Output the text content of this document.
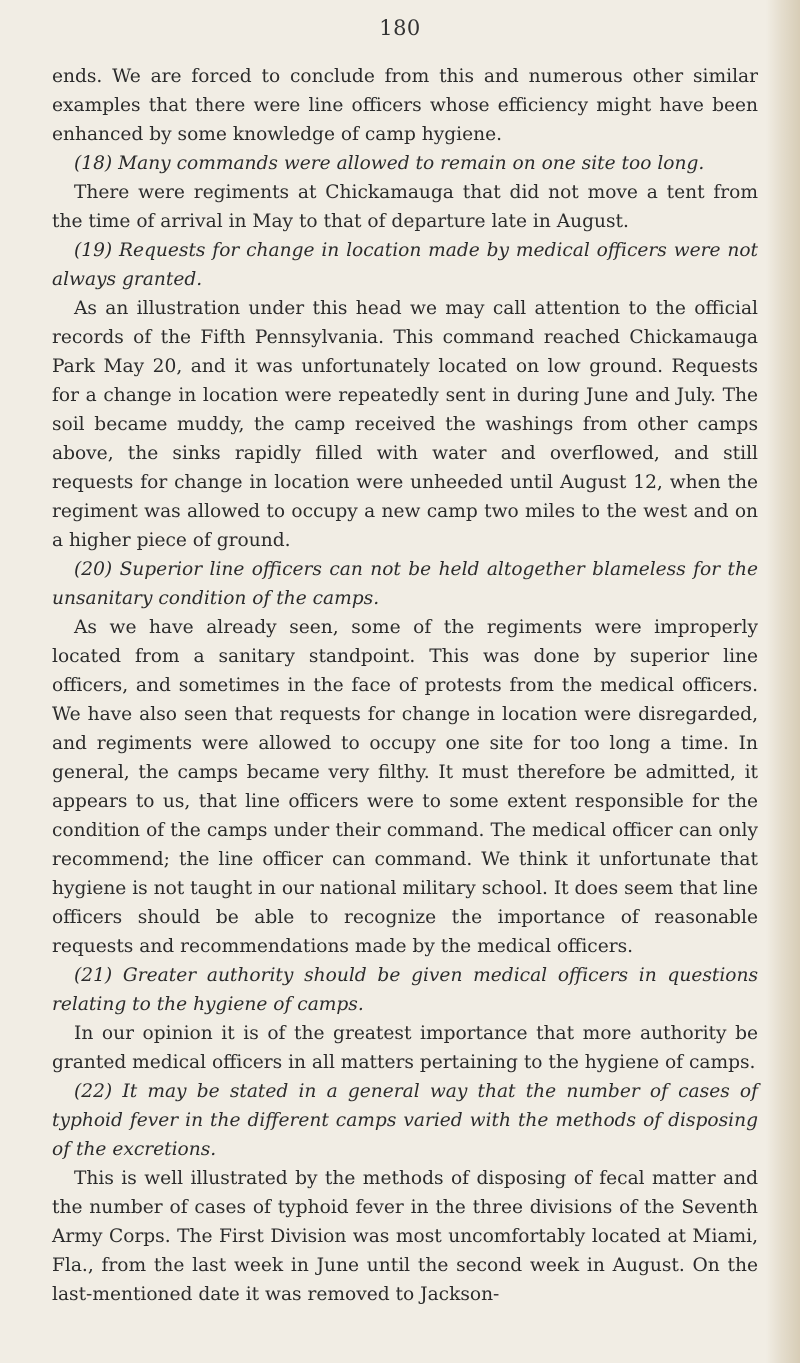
180

ends. We are forced to conclude from this and numerous other similar examples that there were line officers whose efficiency might have been enhanced by some knowledge of camp hygiene.

(18) Many commands were allowed to remain on one site too long.

There were regiments at Chickamauga that did not move a tent from the time of arrival in May to that of departure late in August.

(19) Requests for change in location made by medical officers were not always granted.

As an illustration under this head we may call attention to the official records of the Fifth Pennsylvania. This command reached Chickamauga Park May 20, and it was unfortunately located on low ground. Requests for a change in location were repeatedly sent in during June and July. The soil became muddy, the camp received the washings from other camps above, the sinks rapidly filled with water and overflowed, and still requests for change in location were unheeded until August 12, when the regiment was allowed to occupy a new camp two miles to the west and on a higher piece of ground.

(20) Superior line officers can not be held altogether blameless for the unsanitary condition of the camps.

As we have already seen, some of the regiments were improperly located from a sanitary standpoint. This was done by superior line officers, and sometimes in the face of protests from the medical officers. We have also seen that requests for change in location were disregarded, and regiments were allowed to occupy one site for too long a time. In general, the camps became very filthy. It must therefore be admitted, it appears to us, that line officers were to some extent responsible for the condition of the camps under their command. The medical officer can only recommend; the line officer can command. We think it unfortunate that hygiene is not taught in our national military school. It does seem that line officers should be able to recognize the importance of reasonable requests and recommendations made by the medical officers.

(21) Greater authority should be given medical officers in questions relating to the hygiene of camps.

In our opinion it is of the greatest importance that more authority be granted medical officers in all matters pertaining to the hygiene of camps.

(22) It may be stated in a general way that the number of cases of typhoid fever in the different camps varied with the methods of disposing of the excretions.

This is well illustrated by the methods of disposing of fecal matter and the number of cases of typhoid fever in the three divisions of the Seventh Army Corps. The First Division was most uncomfortably located at Miami, Fla., from the last week in June until the second week in August. On the last-mentioned date it was removed to Jackson-
